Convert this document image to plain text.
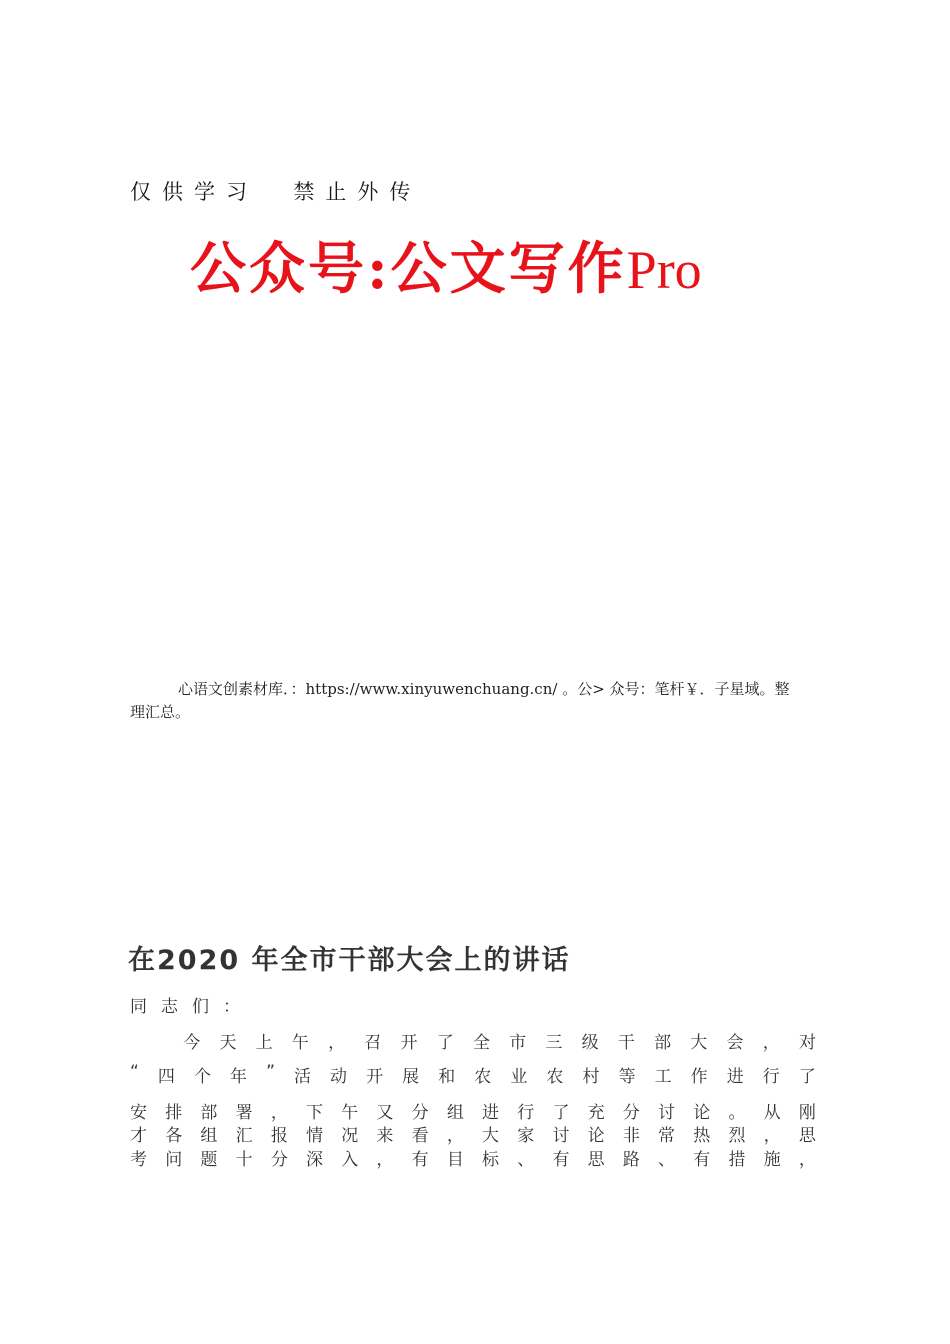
仅供学习  禁止外传
公众号:公文写作Pro
心语文创素材库．：https://www.xinyuwenchuang.cn/ 。公> 众号：笔杆￥．子星域。整
理汇总。
在2020 年全市干部大会上的讲话
同志们：

今 天 上 午 ， 召 开 了 全 市 三 级 干 部 大 会 ， 对
“ 四 个 年 ” 活 动 开 展 和 农 业 农 村 等 工 作 进 行 了
安 排 部 署 ， 下 午 又 分 组 进 行 了 充 分 讨 论 。 从 刚
才 各 组 汇 报 情 况 来 看 ， 大 家 讨 论 非 常 热 烈 ， 思
考 问 题 十 分 深 入 ， 有 目 标 、 有 思 路 、 有 措 施 ，
